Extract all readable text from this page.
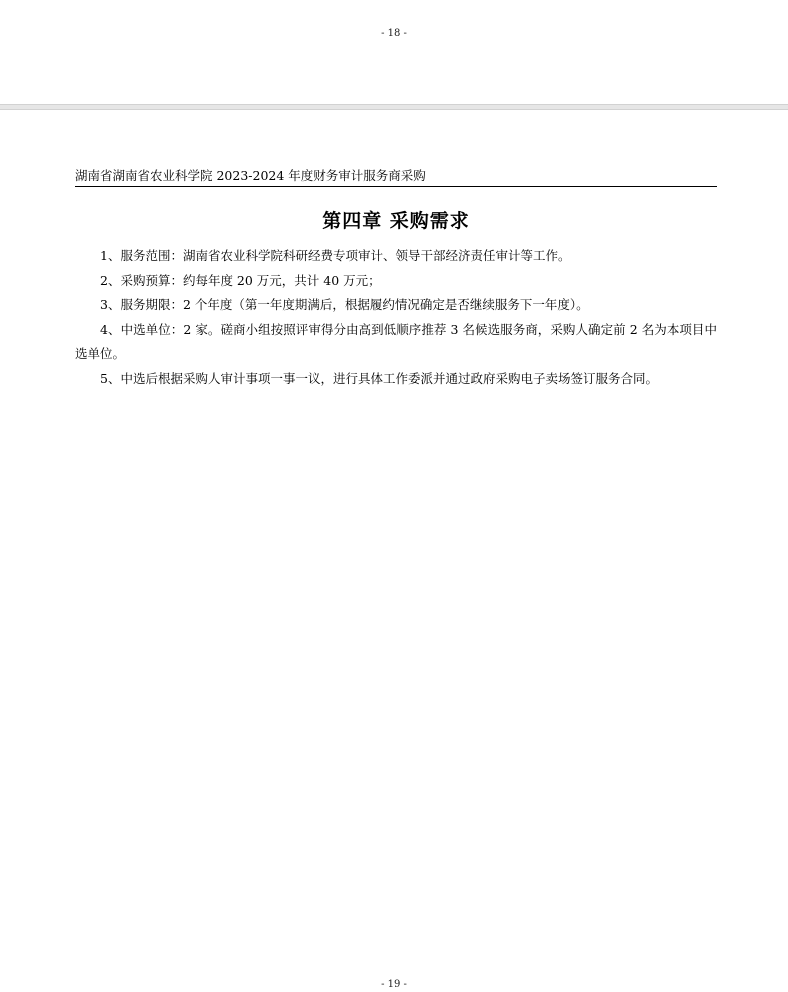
- 18 -
湖南省湖南省农业科学院 2023-2024 年度财务审计服务商采购
第四章 采购需求

1、服务范围：湖南省农业科学院科研经费专项审计、领导干部经济责任审计等工作。

2、采购预算：约每年度 20 万元，共计 40 万元；

3、服务期限：2 个年度（第一年度期满后，根据履约情况确定是否继续服务下一年度）。

4、中选单位：2 家。磋商小组按照评审得分由高到低顺序推荐 3 名候选服务商，采购人确定前 2 名为本项目中选单位。

5、中选后根据采购人审计事项一事一议，进行具体工作委派并通过政府采购电子卖场签订服务合同。

- 19 -
